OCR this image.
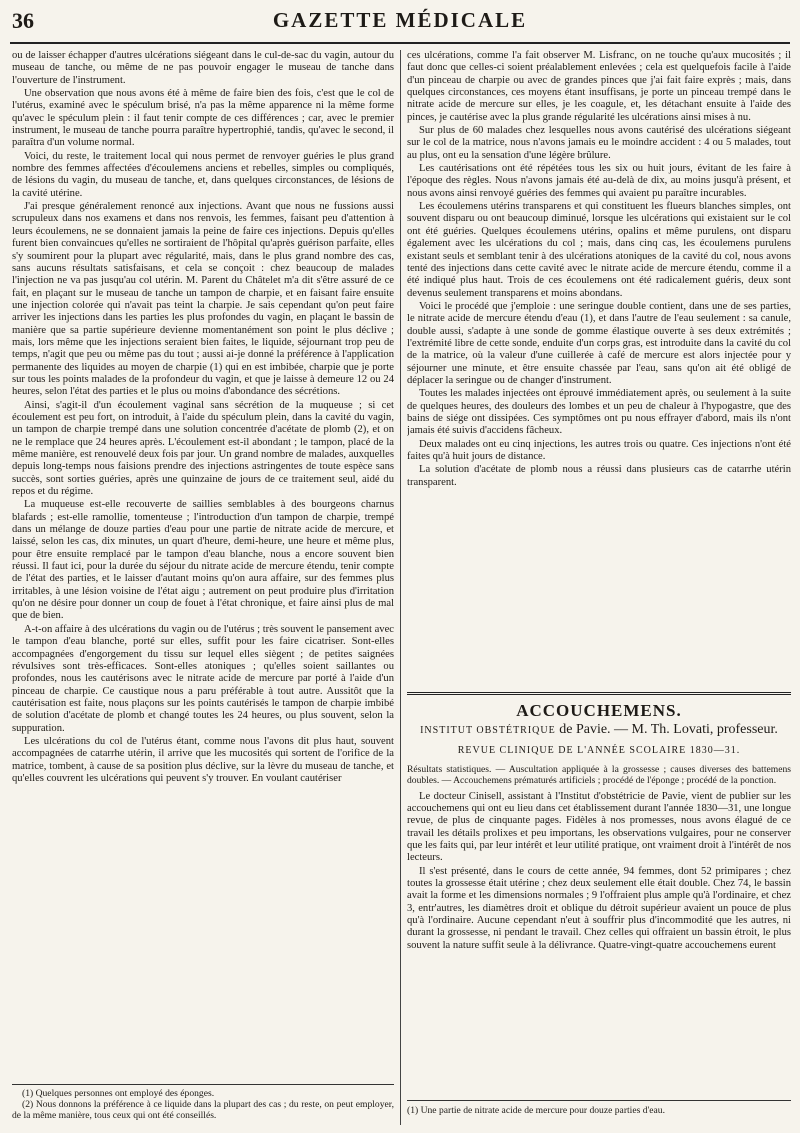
36	GAZETTE MÉDICALE

ou de laisser échapper d'autres ulcérations siégeant dans le cul-de-sac du vagin, autour du museau de tanche, ou même de ne pas pouvoir engager le museau de tanche dans l'ouverture de l'instrument.

Une observation que nous avons été à même de faire bien des fois, c'est que le col de l'utérus, examiné avec le spéculum brisé, n'a pas la même apparence ni la même forme qu'avec le spéculum plein : il faut tenir compte de ces différences ; car, avec le premier instrument, le museau de tanche pourra paraître hypertrophié, tandis, qu'avec le second, il paraîtra d'un volume normal.

Voici, du reste, le traitement local qui nous permet de renvoyer guéries le plus grand nombre des femmes affectées d'écoulemens anciens et rebelles, simples ou compliqués, de lésions du vagin, du museau de tanche, et, dans quelques circonstances, de lésions de la cavité utérine.

J'ai presque généralement renoncé aux injections. Avant que nous ne fussions aussi scrupuleux dans nos examens et dans nos renvois, les femmes, faisant peu d'attention à leurs écoulemens, ne se donnaient jamais la peine de faire ces injections. Depuis qu'elles furent bien convaincues qu'elles ne sortiraient de l'hôpital qu'après guérison parfaite, elles s'y soumirent pour la plupart avec régularité, mais, dans le plus grand nombre des cas, sans aucuns résultats satisfaisans, et cela se conçoit : chez beaucoup de malades l'injection ne va pas jusqu'au col utérin. M. Parent du Châtelet m'a dit s'être assuré de ce fait, en plaçant sur le museau de tanche un tampon de charpie, et en faisant faire ensuite une injection colorée qui n'avait pas teint la charpie. Je sais cependant qu'on peut faire arriver les injections dans les parties les plus profondes du vagin, en plaçant le bassin de manière que sa partie supérieure devienne momentanément son point le plus déclive ; mais, lors même que les injections seraient bien faites, le liquide, séjournant trop peu de temps, n'agit que peu ou même pas du tout ; aussi ai-je donné la préférence à l'application permanente des liquides au moyen de charpie (1) qui en est imbibée, charpie que je porte sur tous les points malades de la profondeur du vagin, et que je laisse à demeure 12 ou 24 heures, selon l'état des parties et le plus ou moins d'abondance des sécrétions.

Ainsi, s'agit-il d'un écoulement vaginal sans sécrétion de la muqueuse ; si cet écoulement est peu fort, on introduit, à l'aide du spéculum plein, dans la cavité du vagin, un tampon de charpie trempé dans une solution concentrée d'acétate de plomb (2), et on ne le remplace que 24 heures après. L'écoulement est-il abondant ; le tampon, placé de la même manière, est renouvelé deux fois par jour. Un grand nombre de malades, auxquelles depuis long-temps nous faisions prendre des injections astringentes de toute espèce sans succès, sont sorties guéries, après une quinzaine de jours de ce traitement seul, aidé du repos et du régime.

La muqueuse est-elle recouverte de saillies semblables à des bourgeons charnus blafards ; est-elle ramollie, tomenteuse ; l'introduction d'un tampon de charpie, trempé dans un mélange de douze parties d'eau pour une partie de nitrate acide de mercure, et laissé, selon les cas, dix minutes, un quart d'heure, demi-heure, une heure et même plus, pour être ensuite remplacé par le tampon d'eau blanche, nous a encore souvent bien réussi. Il faut ici, pour la durée du séjour du nitrate acide de mercure étendu, tenir compte de l'état des parties, et le laisser d'autant moins qu'on aura affaire, sur des femmes plus irritables, à une lésion voisine de l'état aigu ; autrement on peut produire plus d'irritation qu'on ne désire pour donner un coup de fouet à l'état chronique, et faire ainsi plus de mal que de bien.

A-t-on affaire à des ulcérations du vagin ou de l'utérus ; très souvent le pansement avec le tampon d'eau blanche, porté sur elles, suffit pour les faire cicatriser. Sont-elles accompagnées d'engorgement du tissu sur lequel elles siègent ; de petites saignées révulsives sont très-efficaces. Sont-elles atoniques ; qu'elles soient saillantes ou profondes, nous les cautérisons avec le nitrate acide de mercure par porté à l'aide d'un pinceau de charpie. Ce caustique nous a paru préférable à tout autre. Aussitôt que la cautérisation est faite, nous plaçons sur les points cautérisés le tampon de charpie imbibé de solution d'acétate de plomb et changé toutes les 24 heures, ou plus souvent, selon la suppuration.

Les ulcérations du col de l'utérus étant, comme nous l'avons dit plus haut, souvent accompagnées de catarrhe utérin, il arrive que les mucosités qui sortent de l'orifice de la matrice, tombent, à cause de sa position plus déclive, sur la lèvre du museau de tanche, et qu'elles couvrent les ulcérations qui peuvent s'y trouver. En voulant cautériser

(1) Quelques personnes ont employé des éponges.

(2) Nous donnons la préférence à ce liquide dans la plupart des cas ; du reste, on peut employer, de la même manière, tous ceux qui ont été conseillés.

ces ulcérations, comme l'a fait observer M. Lisfranc, on ne touche qu'aux mucosités ; il faut donc que celles-ci soient préalablement enlevées ; cela est quelquefois facile à l'aide d'un pinceau de charpie ou avec de grandes pinces que j'ai fait faire exprès ; mais, dans quelques circonstances, ces moyens étant insuffisans, je porte un pinceau trempé dans le nitrate acide de mercure sur elles, je les coagule, et, les détachant ensuite à l'aide des pinces, je cautérise avec la plus grande régularité les ulcérations ainsi mises à nu.

Sur plus de 60 malades chez lesquelles nous avons cautérisé des ulcérations siégeant sur le col de la matrice, nous n'avons jamais eu le moindre accident : 4 ou 5 malades, tout au plus, ont eu la sensation d'une légère brûlure.

Les cautérisations ont été répétées tous les six ou huit jours, évitant de les faire à l'époque des règles. Nous n'avons jamais été au-delà de dix, au moins jusqu'à présent, et nous avons ainsi renvoyé guéries des femmes qui avaient pu paraître incurables.

Les écoulemens utérins transparens et qui constituent les flueurs blanches simples, ont souvent disparu ou ont beaucoup diminué, lorsque les ulcérations qui existaient sur le col ont été guéries. Quelques écoulemens utérins, opalins et même purulens, ont disparu également avec les ulcérations du col ; mais, dans cinq cas, les écoulemens purulens existant seuls et semblant tenir à des ulcérations atoniques de la cavité du col, nous avons tenté des injections dans cette cavité avec le nitrate acide de mercure étendu, comme il a été indiqué plus haut. Trois de ces écoulemens ont été radicalement guéris, deux sont devenus seulement transparens et moins abondans.

Voici le procédé que j'emploie : une seringue double contient, dans une de ses parties, le nitrate acide de mercure étendu d'eau (1), et dans l'autre de l'eau seulement : sa canule, double aussi, s'adapte à une sonde de gomme élastique ouverte à ses deux extrémités ; l'extrémité libre de cette sonde, enduite d'un corps gras, est introduite dans la cavité du col de la matrice, où la valeur d'une cuillerée à café de mercure est alors injectée pour y séjourner une minute, et être ensuite chassée par l'eau, sans qu'on ait été obligé de déplacer la seringue ou de changer d'instrument.

Toutes les malades injectées ont éprouvé immédiatement après, ou seulement à la suite de quelques heures, des douleurs des lombes et un peu de chaleur à l'hypogastre, que des bains de siége ont dissipées. Ces symptômes ont pu nous effrayer d'abord, mais ils n'ont jamais été suivis d'accidens fâcheux.

Deux malades ont eu cinq injections, les autres trois ou quatre. Ces injections n'ont été faites qu'à huit jours de distance.

La solution d'acétate de plomb nous a réussi dans plusieurs cas de catarrhe utérin transparent.

ACCOUCHEMENS.
INSTITUT OBSTÉTRIQUE de Pavie. — M. Th. Lovati, professeur.
REVUE CLINIQUE DE L'ANNÉE SCOLAIRE 1830—31.

Résultats statistiques. — Auscultation appliquée à la grossesse ; causes diverses des battemens doubles. — Accouchemens prématurés artificiels ; procédé de l'éponge ; procédé de la ponction.

Le docteur Cinisell, assistant à l'Institut d'obstétricie de Pavie, vient de publier sur les accouchemens qui ont eu lieu dans cet établissement durant l'année 1830—31, une longue revue, de plus de cinquante pages. Fidèles à nos promesses, nous avons élagué de ce travail les détails prolixes et peu importans, les observations vulgaires, pour ne conserver que les faits qui, par leur intérêt et leur utilité pratique, ont vraiment droit à l'intérêt de nos lecteurs.

Il s'est présenté, dans le cours de cette année, 94 femmes, dont 52 primipares ; chez toutes la grossesse était utérine ; chez deux seulement elle était double. Chez 74, le bassin avait la forme et les dimensions normales ; 9 l'offraient plus ample qu'à l'ordinaire, et chez 3, entr'autres, les diamètres droit et oblique du détroit supérieur avaient un pouce de plus qu'à l'ordinaire. Aucune cependant n'eut à souffrir plus d'incommodité que les autres, ni durant la grossesse, ni pendant le travail. Chez celles qui offraient un bassin étroit, le plus souvent la nature suffit seule à la délivrance. Quatre-vingt-quatre accouchemens eurent

(1) Une partie de nitrate acide de mercure pour douze parties d'eau.
